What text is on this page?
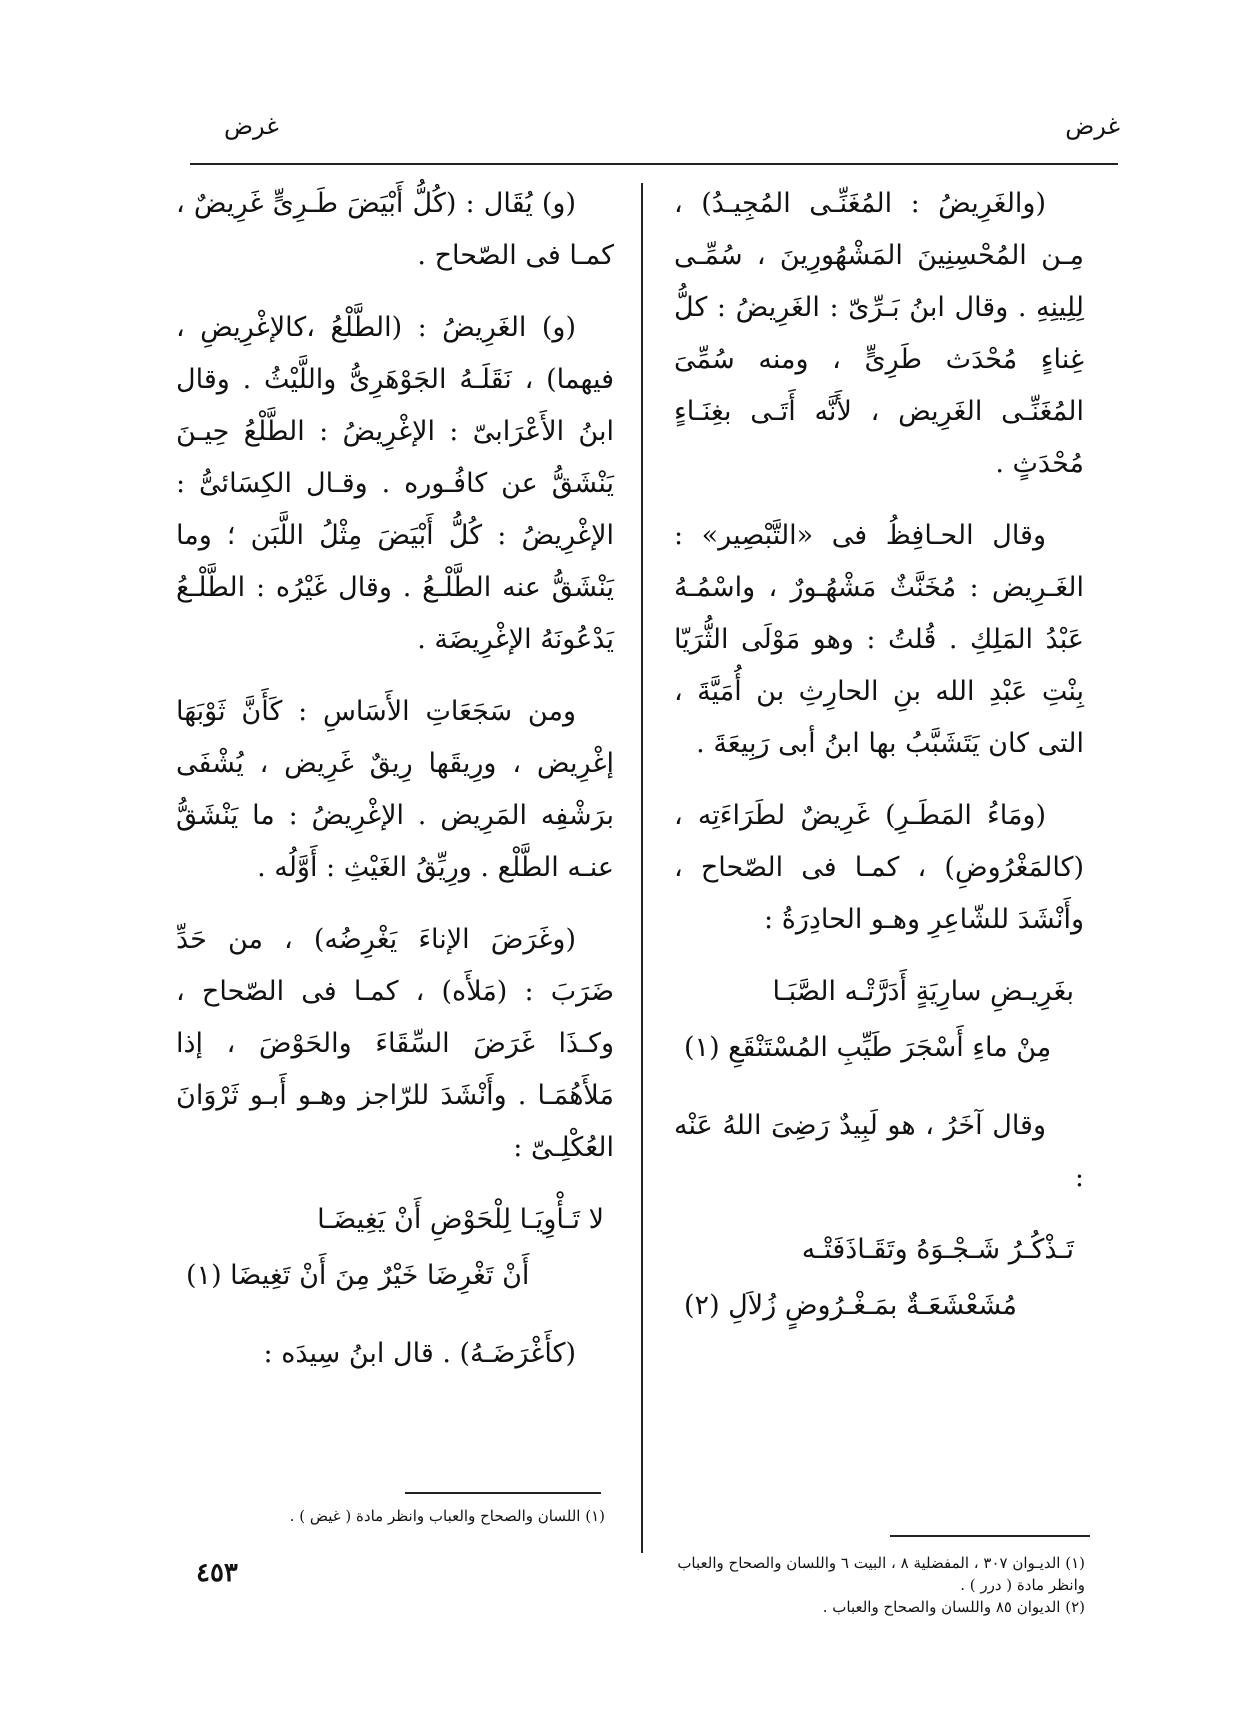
غرض
غرض

(والغَرِيضُ : المُغَنِّـى المُجِيـدُ) ، مِـن المُحْسِنِينَ المَشْهُورِينَ ، سُمِّـى لِلِينِهِ . وقال ابنُ بَـرِّىّ : الغَرِيضُ : كلُّ غِناءٍ مُحْدَث طَرِىٍّ ، ومنه سُمِّىَ المُغَنِّـى الغَرِيض ، لأَنَّه أَتَـى بغِنَـاءٍ مُحْدَثٍ .

وقال الحـافِظُ فى «التَّبْصِير» : الغَـرِيض : مُخَنَّثٌ مَشْهُـورٌ ، واسْمُـهُ عَبْدُ المَلِكِ . قُلتُ : وهو مَوْلَى الثُّرَيّا بِنْتِ عَبْدِ الله بنِ الحارِثِ بن أُمَيَّةَ ، التى كان يَتَشَبَّبُ بها ابنُ أبى رَبِيعَةَ .

(ومَاءُ المَطَـرِ) غَرِيضٌ لطَرَاءَتِه ، (كالمَغْرُوضِ) ، كمـا فى الصّحاح ، وأَنْشَدَ للشّاعِرِ وهـو الحادِرَةُ :

بغَرِيـضِ سارِيَةٍ أَدَرَّتْـه الصَّبَـا

مِنْ ماءِ أَسْجَرَ طَيِّبِ المُسْتَنْقَعِ (١)

وقال آخَرُ ، هو لَبِيدٌ رَضِىَ اللهُ عَنْه :

تَـذْكُـرُ شَـجْـوَهُ وتَقَـاذَفَتْـه

مُشَعْشَعَـةٌ بمَـغْـرُوضٍ زُلاَلِ (٢)

(و) يُقَال : (كُلُّ أَبْيَضَ طَـرِىٍّ غَرِيضٌ ، كمـا فى الصّحاح .

(و) الغَرِيضُ : (الطَّلْعُ ،كالإغْرِيضِ ، فيهما) ، نَقَلَـهُ الجَوْهَرِىُّ واللَّيْثُ . وقال ابنُ الأَعْرَابىّ : الإغْرِيضُ : الطَّلْعُ حِيـنَ يَنْشَقُّ عن كافُـوره . وقـال الكِسَائىُّ : الإغْرِيضُ : كُلُّ أَبْيَضَ مِثْلُ اللَّبَن ؛ وما يَنْشَقُّ عنه الطَّلْـعُ . وقال غَيْرُه : الطَّلْـعُ يَدْعُونَهُ الإغْرِيضَة .

ومن سَجَعَاتِ الأَسَاسِ : كَأَنَّ ثَوْبَهَا إغْرِيض ، ورِيقَها رِيقٌ غَرِيض ، يُشْفَى برَشْفِه المَرِيض . الإغْرِيضُ : ما يَنْشَقُّ عنـه الطَّلْع . ورِيِّقُ الغَيْثِ : أَوَّلُه .

(وغَرَضَ الإناءَ يَغْرِضُه) ، من حَدِّ ضَرَبَ : (مَلأَه) ، كمـا فى الصّحاح ، وكـذَا غَرَضَ السِّقَاءَ والحَوْضَ ، إذا مَلأَهُمَـا . وأَنْشَدَ للرّاجز وهـو أَبـو ثَرْوَانَ العُكْلِـىّ :

لا تَـأْوِيَـا لِلْحَوْضِ أَنْ يَغِيضَـا

أَنْ تَغْرِضَا خَيْرٌ مِنَ أَنْ تَغِيضَا (١)

(كأَغْرَضَـهُ) . قال ابنُ سِيدَه :

(١) الديـوان ٣٠٧ ، المفضلية ٨ ، البيت ٦ واللسان والصحاح والعباب وانظر مادة ( درر ) .
(٢) الديوان ٨٥ واللسان والصحاح والعباب .
(١) اللسان والصحاح والعباب وانظر مادة ( غيض ) .
٤٥٣
